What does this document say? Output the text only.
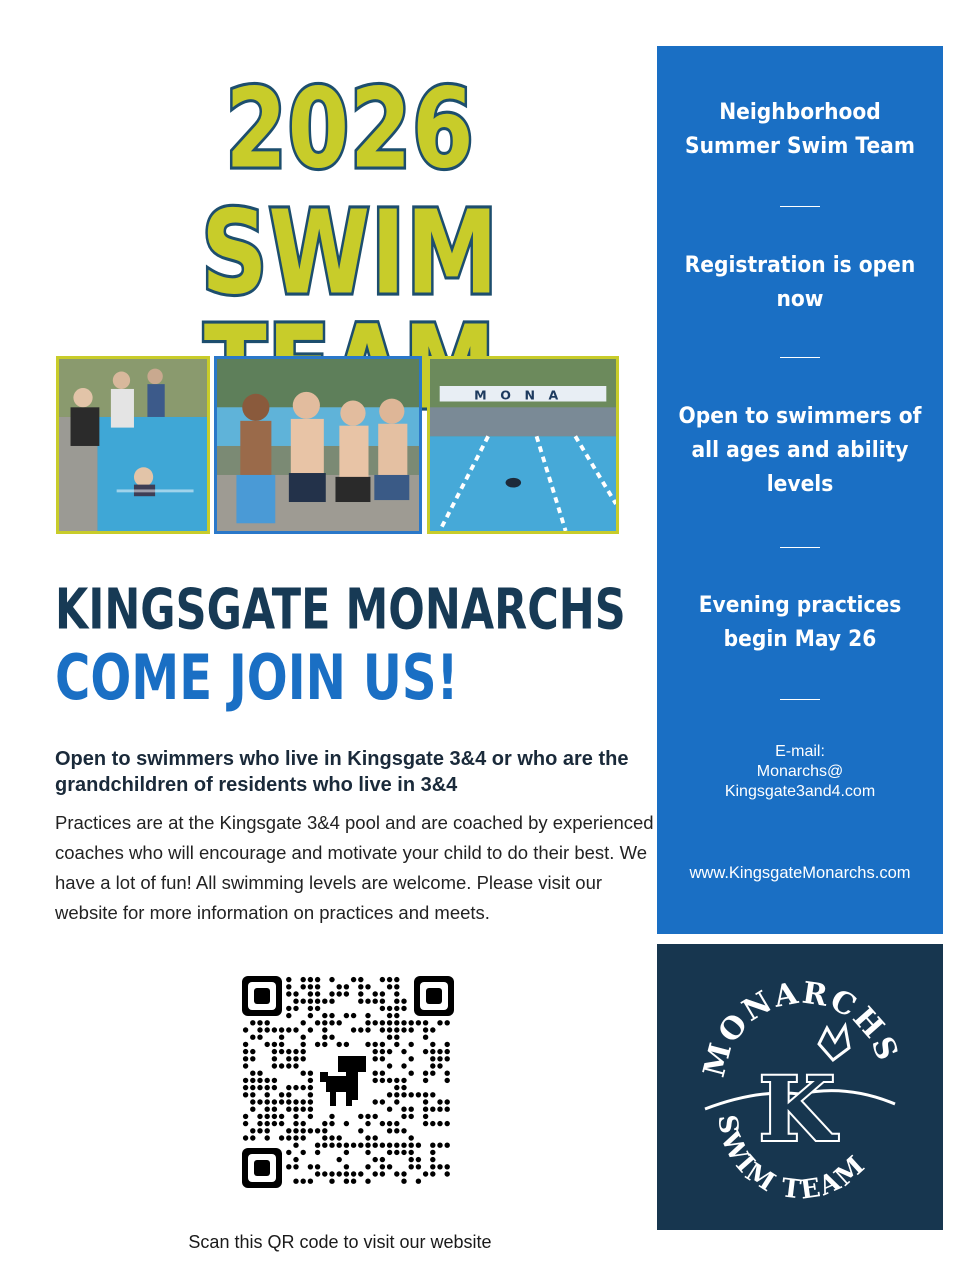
2026
SWIM
MONA
KINGSGATE MONARCHS
COME JOIN US!
Open to swimmers who live in Kingsgate 3&4 or who are the grandchildren of residents who live in 3&4
Practices are at the Kingsgate 3&4 pool and are coached by experienced coaches who will encourage and motivate your child to do their best. We have a lot of fun! All swimming levels are welcome. Please visit our website for more information on practices and meets.
Scan this QR code to visit our website
Neighborhood Summer Swim Team
Registration is open now
Open to swimmers of all ages and ability levels
Evening practices begin May 26
E-mail:
Monarchs@
Kingsgate3and4.com
www.KingsgateMonarchs.com
MONARCHS
SWIM TEAM
K
